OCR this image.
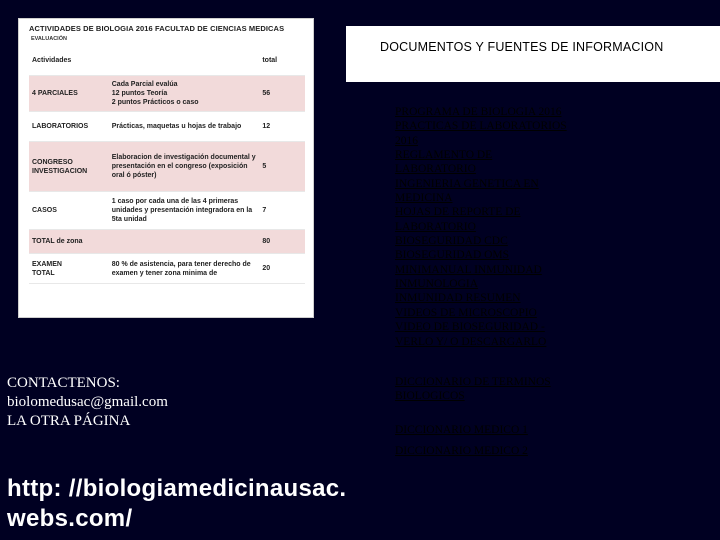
ACTIVIDADES DE BIOLOGIA 2016 FACULTAD DE CIENCIAS MEDICAS
EVALUACIÓN
Actividades		total
4 PARCIALES	Cada Parcial evalúa
12 puntos Teoría
2 puntos Prácticos o caso	56
LABORATORIOS	Prácticas, maquetas u hojas de trabajo	12
CONGRESO
INVESTIGACION	Elaboracion de investigación documental y presentación en el congreso (exposición oral ó póster)	5
CASOS	1 caso por cada una de las 4 primeras unidades y presentación integradora en la 5ta unidad	7
TOTAL de zona		80
EXAMEN
TOTAL	80 % de asistencia, para tener derecho de examen y tener zona minima de	20
DOCUMENTOS Y FUENTES DE INFORMACION
PROGRAMA DE BIOLOGIA 2016
PRACTICAS DE LABORATORIOS
2016
REGLAMENTO DE
LABORATORIO
INGENIERIA GENETICA EN
MEDICINA
HOJAS DE REPORTE DE
LABORATORIO
BIOSEGURIDAD CDC
BIOSEGURIDAD OMS
MINIMANUAL INMUNIDAD
INMUNOLOGIA
INMUNIDAD RESUMEN
VIDEOS DE MICROSCOPIO
VIDEO DE BIOSEGURIDAD -
VERLO Y/ O DESCARGARLO
DICCIONARIO DE TERMINOS
BIOLOGICOS
DICCIONARIO MEDICO 1
DICCIONARIO MEDICO 2
CONTACTENOS:
biolomedusac@gmail.com
LA OTRA PÁGINA
http: //biologiamedicinausac.
webs.com/
